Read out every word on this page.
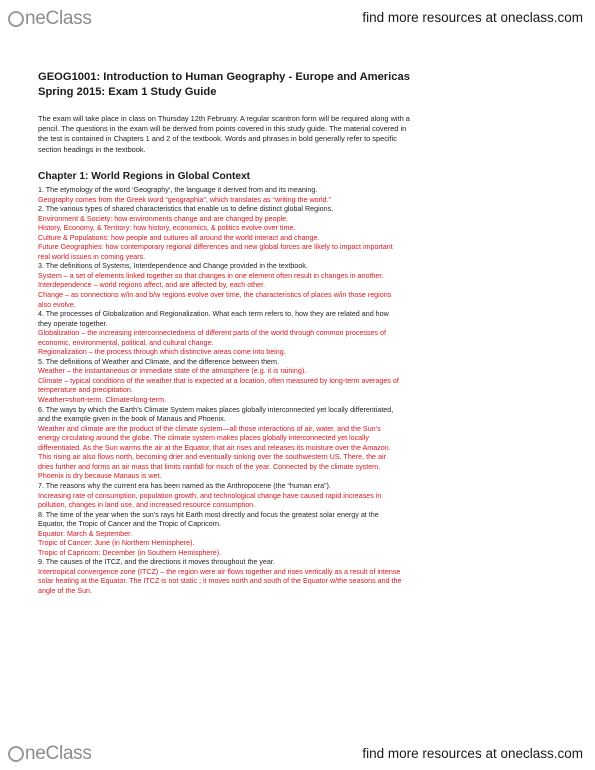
neClass	find more resources at oneclass.com
GEOG1001: Introduction to Human Geography - Europe and Americas
Spring 2015: Exam 1 Study Guide
The exam will take place in class on Thursday 12th February. A regular scantron form will be required along with a
pencil. The questions in the exam will be derived from points covered in this study guide. The material covered in
the test is contained in Chapters 1 and 2 of the textbook. Words and phrases in bold generally refer to specific
section headings in the textbook.
Chapter 1: World Regions in Global Context
1. The etymology of the word ‘Geography’, the language it derived from and its meaning.
Geography comes from the Greek word “geographia”, which translates as “writing the world.”
2. The various types of shared characteristics that enable us to define distinct global Regions.
Environment & Society: how environments change and are changed by people.
History, Economy, & Territory: how history, economics, & politics evolve over time.
Culture & Populations: how people and cultures all around the world interact and change.
Future Geographies: how contemporary regional differences and new global forces are likely to impact important
real world issues in coming years.
3. The definitions of Systems, Interdependence and Change provided in the textbook.
System – a set of elements linked together so that changes in one element often result in changes in another.
Interdependence – world regions affect, and are affected by, each other.
Change – as connections w/in and b/w regions evolve over time, the characteristics of places w/in those regions
also evolve.
4. The processes of Globalization and Regionalization. What each term refers to, how they are related and how
they operate together.
Globalization – the increasing interconnectedness of different parts of the world through common processes of
economic, environmental, political, and cultural change.
Regionalization – the process through which distinctive areas come into being.
5. The definitions of Weather and Climate, and the difference between them.
Weather – the instantaneous or immediate state of the atmosphere (e.g. it is raining).
Climate – typical conditions of the weather that is expected at a location, often measured by long-term averages of
temperature and precipitation.
Weather=short-term. Climate=long-term.
6. The ways by which the Earth’s Climate System makes places globally interconnected yet locally differentiated,
and the example given in the book of Manaus and Phoenix.
Weather and climate are the product of the climate system—all those interactions of air, water, and the Sun’s
energy circulating around the globe. The climate system makes places globally interconnected yet locally
differentiated. As the Sun warms the air at the Equator, that air rises and releases its moisture over the Amazon.
This rising air also flows north, becoming drier and eventually sinking over the southwestern US. There, the air
dries further and forms an air mass that limits rainfall for much of the year. Connected by the climate system,
Phoenix is dry because Manaus is wet.
7. The reasons why the current era has been named as the Anthropocene (the “human era”).
Increasing rate of consumption, population growth, and technological change have caused rapid increases in
pollution, changes in land use, and increased resource consumption.
8. The time of the year when the sun’s rays hit Earth most directly and focus the greatest solar energy at the
Equator, the Tropic of Cancer and the Tropic of Capricorn.
Equator: March & September.
Tropic of Cancer: June (in Northern Hemisphere).
Tropic of Capricorn: December (in Southern Hemisphere).
9. The causes of the ITCZ, and the directions it moves throughout the year.
Intertropical convergence zone (ITCZ) – the region were air flows together and rises vertically as a result of intense
solar heating at the Equator. The ITCZ is not static ; it moves north and south of the Equator w/the seasons and the
angle of the Sun.
neClass	find more resources at oneclass.com
